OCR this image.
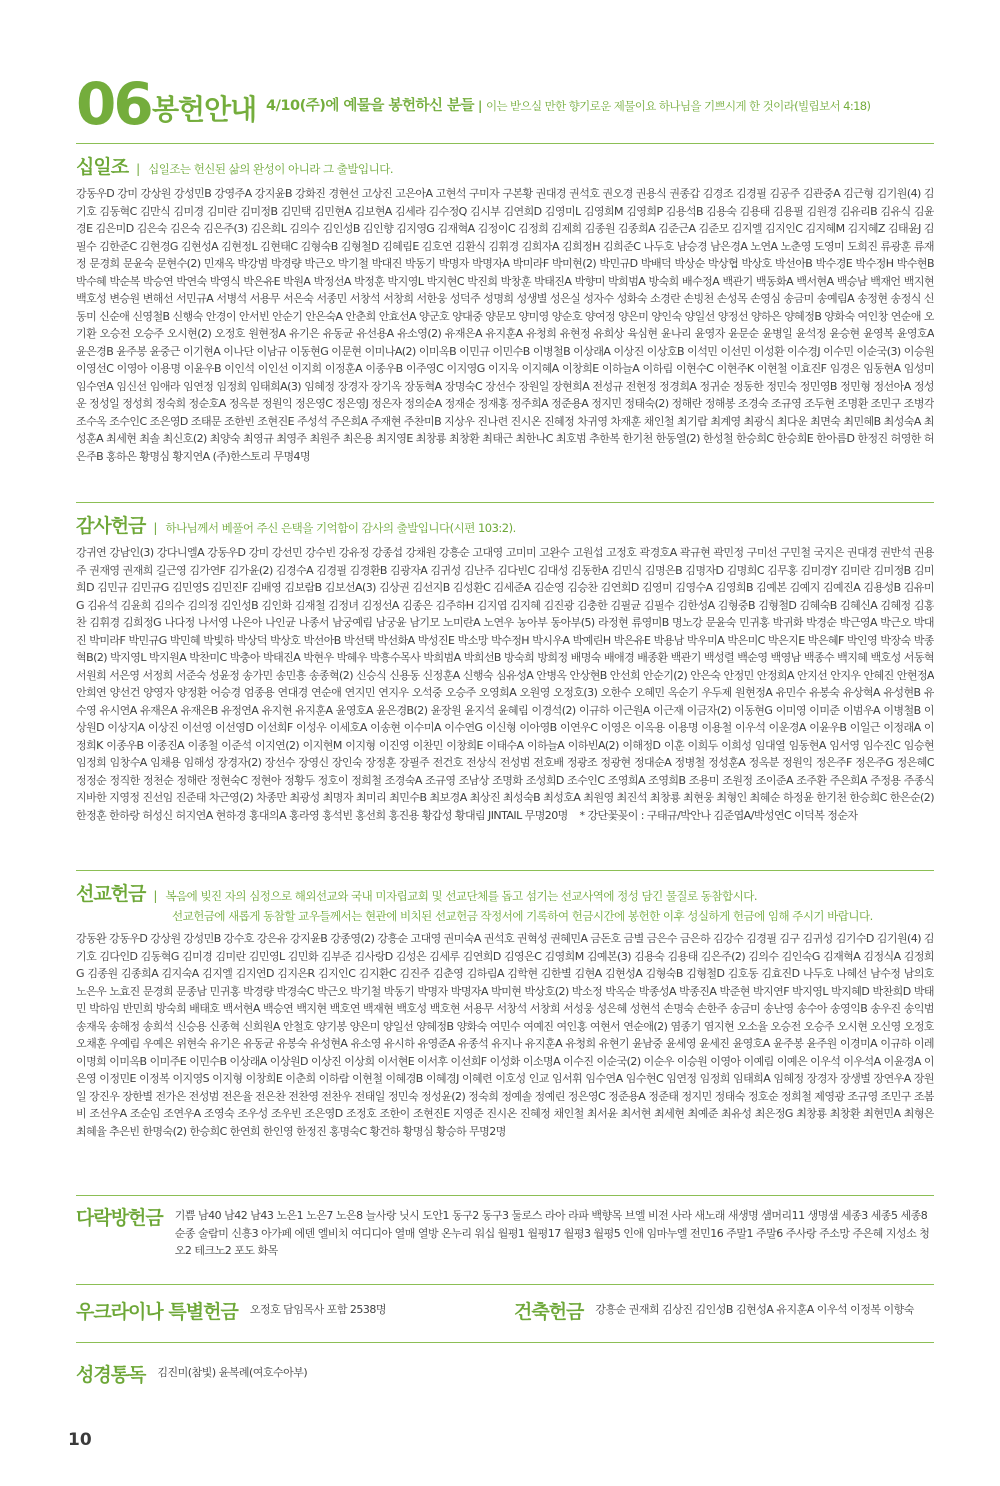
06 봉헌안내 4/10(주)에 예물을 봉헌하신 분들 | 이는 받으실 만한 향기로운 제물이요 하나님을 기쁘시게 한 것이라(빌립보서 4:18)
십일조 | 십일조는 헌신된 삶의 완성이 아니라 그 출발입니다.
강동우D 강미 강상원 강성민B 강영주A 강지윤B 강화진 경현선 고상진 고은아A 고현석 구미자 구본황 권대경 권석호 권오경 권용식 권종갑 김경조 김경필 김공주 김관중A 김근형 김기원(4) 김기호 김동혁C 김만식 김미경 김미란 김미정B 김민택 김민현A 김보현A 김세라 김수정Q 김시부 김연희D 김영미L 김영희M 김영희P 김용석B 김용숙 김용태 김용필 김원경 김유리B 김유식 김윤경E 김은미D 김은숙 김은숙 김은주(3) 김은희L 김의수 김인성B 김인향 김지영G 김재혁A 김정이C 김정희 김제희 김종원 김종희A 김준근A 김준모 김지엘 김지인C 김지혜M 김지혜Z 김태윤J 김필수 김한준C 김현경G 김현성A 김현정L 김현태C 김형숙B 김형철D 김혜림E 김호연 김환식 김휘경 김희자A 김희정H 김희준C 나두호 남승경 남은경A 노연A 노춘영 도영미 도희진 류광훈 류재정 문경희 문윤숙 문현수(2) 민재옥 박강범 박경량 박근오 박기철 박대진 박동기 박명자 박명자A 박미라F 박미현(2) 박민규D 박배덕 박상순 박상협 박상호 박선아B 박수경E 박수정H 박수현B 박수혜 박순복 박승연 박연숙 박영식 박은유E 박원A 박정선A 박정훈 박지영L 박지현C 박진희 박창훈 박태진A 박향미 박희범A 방숙희 배수정A 백관기 백동화A 백서현A 백승남 백재언 백지현 백호성 변승원 변해선 서민규A 서병석 서용무 서은숙 서종민 서창석 서창희 서한웅 성덕주 성명희 성생별 성은실 성자수 성화숙 소경란 손빙천 손성목 손영심 송금미 송예림A 송정현 송정식 신동미 신순애 신영철B 신행숙 안경이 안서빈 안순기 안은숙A 안춘희 안효선A 양군호 양대중 양문모 양미영 양순호 양여정 양은미 양인숙 양일선 양정선 양하은 양혜정B 양화숙 여인창 연순애 오기환 오승전 오승주 오시현(2) 오정호 원현정A 유기은 유동균 유선용A 유소영(2) 유재은A 유지훈A 유청희 유현정 유희상 육심현 윤나리 윤영자 윤문순 윤병일 윤석정 윤승현 윤영복 윤영호A 윤은경B 윤주봉 윤중근 이기현A 이나단 이남규 이동현G 이문현 이미나A(2) 이미옥B 이민규 이민수B 이병철B 이상래A 이상진 이상호B 이석민 이선민 이성환 이수경J 이수민 이순국(3) 이승원 이영선C 이영아 이용명 이윤우B 이인석 이인선 이지희 이정훈A 이종우B 이주영C 이지영G 이지욱 이지혜A 이창희E 이하늘A 이하림 이현수C 이현주K 이현철 이효진F 임경은 임동현A 임성미 임수연A 임신선 임애라 임연정 임정희 임태희A(3) 임혜정 장경자 장기옥 장동혁A 장명숙C 장선수 장원일 장현희A 전성규 전현정 정경희A 정귀순 정동한 정민숙 정민영B 정민형 정선아A 정성운 정성일 정성희 정숙희 정순호A 정옥분 정원익 정은영C 정은영J 정은자 정의순A 정재순 정재홍 정주희A 정준용A 정지민 정태숙(2) 정해란 정해봉 조경숙 조규영 조두현 조명환 조민구 조병각 조수옥 조수인C 조은영D 조태문 조한빈 조현진E 주성석 주은희A 주재현 주찬미B 지상우 진나련 진시온 진혜정 차귀영 차재훈 채인철 최기람 최계영 최광식 최다운 최면숙 최민혜B 최성숙A 최성훈A 최세현 최솔 최신호(2) 최양숙 최영규 최영주 최원주 최은용 최지영E 최창룡 최창환 최태근 최한나C 최호범 추한복 한기천 한동열(2) 한성철 한승희C 한승희E 한아름D 한정진 허영한 허은주B 홍하은 황명심 황지연A (주)한스토리 무명4명
감사헌금 | 하나님께서 베풀어 주신 은택을 기억함이 감사의 출발입니다(시편 103:2).
강귀연 강남인(3) 강다니엘A 강동우D 강미 강선민 강수빈 강유정 강종섭 강채원 강흥순 고대영 고미미 고완수 고원섭 고정호 곽경호A 곽규현 곽민정 구미선 구민철 국지은 권대경 권반석 권용주 권재영 권재희 길근영 김가연F 김가윤(2) 김경수A 김경필 김경환B 김광자A 김귀성 김난주 김다빈C 김대성 김동한A 김민식 김명은B 김명자D 김명희C 김무홍 김미경Y 김미란 김미정B 김미희D 김민규 김민규G 김민영S 김민진F 김배영 김보람B 김보선A(3) 김상권 김선지B 김성환C 김세준A 김순영 김승찬 김연희D 김영미 김영수A 김영희B 김예본 김예지 김예진A 김용성B 김유미G 김유석 김윤희 김의수 김의정 김인성B 김인화 김재철 김정녀 김정선A 김종은 김주하H 김지엽 김지혜 김진광 김충한 김필균 김필수 김한성A 김형중B 김형철D 김혜숙B 김혜신A 김혜정 김홍찬 김휘경 김희정G 나다정 나서영 나은아 나인균 나종서 남궁예림 남궁윤 남기모 노미란A 노연우 농아부 동아부(5) 라정현 류영미B 명노강 문윤숙 민귀홍 박귀화 박경순 박근영A 박근오 박대진 박미라F 박민규G 박민혜 박빛하 박상덕 박상호 박선아B 박선택 박선화A 박성진E 박소망 박수정H 박시우A 박예린H 박은유E 박용남 박우미A 박은미C 박은지E 박은혜F 박인영 박장숙 박종혁B(2) 박지영L 박지원A 박찬미C 박충아 박태진A 박현우 박혜우 박흥수목사 박희범A 박희선B 방숙희 방희정 배명숙 배애경 배종환 백관기 백성렬 백순영 백영남 백종수 백지혜 백호성 서동혁 서원희 서은영 서정희 서준숙 성윤정 송가민 송민흥 송종혁(2) 신승식 신용동 신정훈A 신행숙 심유성A 안병옥 안상현B 안선희 안순기(2) 안은숙 안정민 안정희A 안지선 안지우 안혜진 안현정A 안희연 양선건 양영자 양정환 어승경 엄종용 연대경 연순애 연지민 연지우 오석중 오승주 오영희A 오원영 오정호(3) 오한수 오혜민 옥순기 우두제 원현정A 유민수 유봉숙 유상혁A 유성현B 유수영 유시연A 유재은A 유재은B 유정연A 유지현 유지훈A 윤영호A 윤은경B(2) 윤장원 윤지석 윤혜림 이경석(2) 이규하 이근원A 이근재 이금자(2) 이동현G 이미영 이미준 이범우A 이병철B 이상원D 이상지A 이상진 이선영 이선영D 이선희F 이성우 이세호A 이송현 이수미A 이수연G 이신형 이아영B 이연우C 이영은 이옥용 이용명 이용철 이우석 이운경A 이윤우B 이일근 이정래A 이정희K 이종우B 이종진A 이종철 이준석 이지연(2) 이지현M 이지형 이진영 이찬민 이창희E 이태수A 이하늘A 이하빈A(2) 이해정D 이훈 이희두 이희성 임대열 임동현A 임서영 임수진C 임승현 임정희 임창수A 임채용 임해성 장경자(2) 장선수 장영신 장인숙 장정훈 장필주 전건호 전상식 전성범 전호배 정광조 정광현 정대순A 정병철 정성훈A 정옥분 정원익 정은주F 정은주G 정은혜C 정정순 정직한 정천순 정해란 정현숙C 정현아 정황두 정호이 정희철 조경숙A 조규영 조남상 조명화 조성희D 조수인C 조영희A 조영희B 조용미 조원정 조이준A 조주환 주은희A 주정용 주종식 지바한 지영정 진선임 진준태 차근영(2) 차종만 최광성 최명자 최미리 최민수B 최보경A 최상진 최성숙B 최성호A 최원영 최진석 최창룡 최현웅 최형인 최혜순 하정윤 한기천 한승희C 한은순(2) 한정훈 한하랑 허성신 허지연A 현하경 홍대의A 홍라영 홍석빈 홍선희 홍진용 황갑성 황대림 JINTAIL 무명20명 * 강단꽃꽂이 : 구태규/박안나 김준엽A/박성연C 이덕복 정순자
선교헌금 | 복음에 빚진 자의 심정으로 해외선교와 국내 미자립교회 및 선교단체를 돕고 섬기는 선교사역에 정성 담긴 물질로 동참합시다.
선교헌금에 새롭게 동참할 교우들께서는 현관에 비치된 선교헌금 작정서에 기록하여 헌금시간에 봉헌한 이후 성실하게 헌금에 임해 주시기 바랍니다.
강동완 강동우D 강상원 강성민B 강수호 강은유 강지윤B 강종영(2) 강흥순 고대영 권미숙A 권석호 권혁성 권혜민A 금돈호 금별 금은수 금은하 김강수 김경필 김구 김귀성 김기수D 김기원(4) 김기호 김다인D 김동혁G 김미경 김미란 김민영L 김민화 김부준 김사랑D 김성은 김세루 김연희D 김영은C 김영희M 김예본(3) 김용숙 김용태 김은주(2) 김의수 김인숙G 김재혁A 김정식A 김정희G 김종원 김종희A 김지숙A 김지엘 김지연D 김지은R 김지인C 김지환C 김진주 김춘영 김하림A 김학현 김한별 김현A 김현성A 김형숙B 김형철D 김호동 김효진D 나두호 나혜선 남수정 남의호 노은우 노효진 문경희 문종남 민귀홍 박경량 박경숙C 박근오 박기철 박동기 박명자 박명자A 박미현 박상호(2) 박소정 박옥순 박종성A 박종진A 박준현 박지연F 박지영L 박지혜D 박찬희D 박태민 박하임 반민희 방숙희 배태호 백서현A 백승연 백지현 백호연 백재현 백호성 백호현 서용무 서창석 서창희 서성웅 성은혜 성현석 손명숙 손한주 송금미 송난영 송수아 송영익B 송우진 송익범 송재욱 송해정 송희석 신승용 신종혁 신희원A 안철호 양기봉 양은미 양일선 양혜정B 양화숙 여민수 여예진 여인홍 여현서 연순애(2) 염종기 염지현 오소율 오승전 오승주 오시현 오신영 오정호 오채훈 우예림 우예은 위현숙 유기은 유동균 유봉숙 유성현A 유소영 유시하 유영준A 유종석 유지나 유지훈A 유청희 유현기 윤남중 윤세영 윤세진 윤영호A 윤주봉 윤주원 이경미A 이규하 이레 이명희 이미옥B 이미주E 이민수B 이상래A 이상원D 이상진 이상희 이서현E 이서후 이선희F 이성화 이소명A 이수진 이순국(2) 이순우 이승원 이영아 이예림 이예은 이우석 이우석A 이윤경A 이은영 이정민E 이정복 이지영S 이지형 이창희E 이춘희 이하람 이현철 이혜경B 이혜경J 이혜련 이호성 인교 임서휘 임수연A 임수현C 임연정 임정희 임태희A 임혜정 장경자 장생별 장연우A 장원일 장진우 장한별 전가은 전성범 전은율 전은찬 전찬영 전찬우 전태일 정민숙 정성윤(2) 정숙희 정예솔 정예린 정은영C 정준용A 정준태 정지민 정태숙 정호순 정희철 제영광 조규영 조민구 조봄비 조선우A 조순임 조연우A 조영숙 조우성 조우빈 조은영D 조정호 조한이 조현진E 지영준 진시온 진혜정 채인철 최서윤 최서현 최세현 최예준 최유성 최은정G 최창룡 최창환 최현민A 최형은 최혜율 추은빈 한명숙(2) 한승희C 한연희 한인영 한정진 홍명숙C 황건하 황명심 황승하 무명2명
다락방헌금 기쁨 남40 남42 남43 노은1 노은7 노은8 늘사랑 닛시 도안1 동구2 동구3 둘로스 라아 라파 백향목 브엘 비전 사라 새노래 새생명 샘머리11 생명샘 세종3 세종5 세종8 순종 술람미 신흥3 아가페 에덴 엘비치 여디디아 열매 열방 온누리 워십 월평1 월평17 월평3 월평5 인애 임마누엘 전민16 주말1 주말6 주사랑 주소망 주은혜 지성소 청오2 테크노2 포도 화목
우크라이나 특별헌금 오정호 담임목사 포함 2538명	건축헌금 강흥순 권재희 김상진 김인성B 김현성A 유지훈A 이우석 이정복 이향숙
성경통독 김진미(참빛) 윤복례(여호수아부)
10
